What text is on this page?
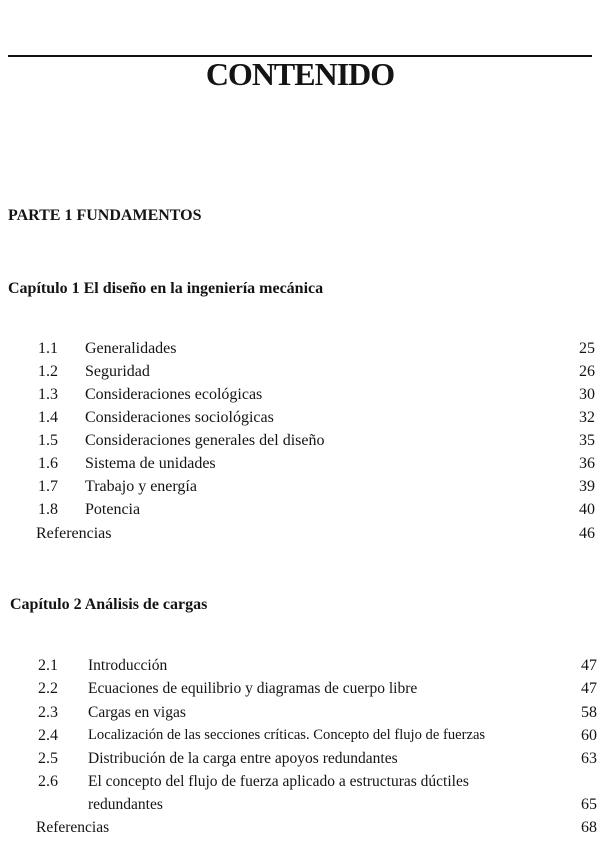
CONTENIDO
PARTE 1 FUNDAMENTOS
Capítulo 1 El diseño en la ingeniería mecánica
1.1 Generalidades	25
1.2 Seguridad	26
1.3 Consideraciones ecológicas	30
1.4 Consideraciones sociológicas	32
1.5 Consideraciones generales del diseño	35
1.6 Sistema de unidades	36
1.7 Trabajo y energía	39
1.8 Potencia	40
Referencias	46
Capítulo 2 Análisis de cargas
2.1 Introducción	47
2.2 Ecuaciones de equilibrio y diagramas de cuerpo libre	47
2.3 Cargas en vigas	58
2.4 Localización de las secciones críticas. Concepto del flujo de fuerzas	60
2.5 Distribución de la carga entre apoyos redundantes	63
2.6 El concepto del flujo de fuerza aplicado a estructuras dúctiles
redundantes	65
Referencias	68
